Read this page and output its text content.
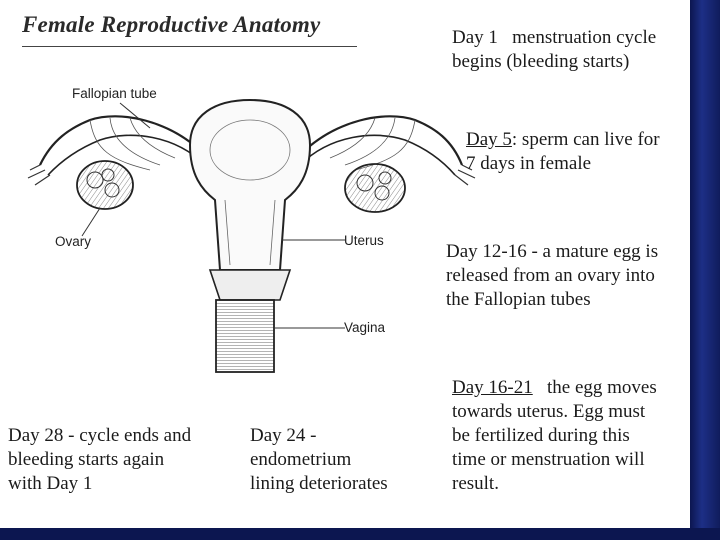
Female Reproductive Anatomy
Fallopian tube
Ovary	Uterus
Vagina
Day 1 menstruation cycle
begins (bleeding starts)
Day 5: sperm can live for
7 days in female
Day 12-16 - a mature egg is
released from an ovary into
the Fallopian tubes
Day 16-21 the egg moves
towards uterus. Egg must
be fertilized during this
time or menstruation will
result.
Day 28 - cycle ends and
bleeding starts again
with Day 1
Day 24 -
endometrium
lining deteriorates
